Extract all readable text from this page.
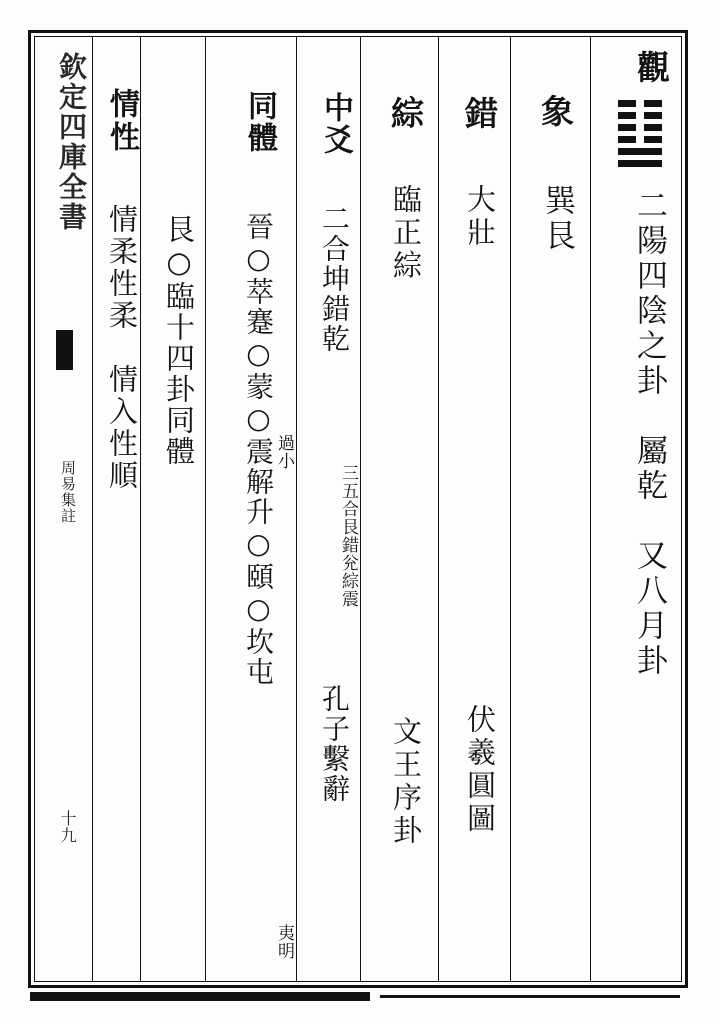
欽定四庫全書
周易集註
十九
觀
二陽四陰之卦　屬乾　又八月卦
象
巽艮
錯
大壯
伏羲圓圖
綜
臨正綜
文王序卦
中爻
二合坤錯乾
三五合艮錯兊綜震
孔子繫辭
同體
晉○萃蹇○蒙○震解升○頤○坎屯 過小
夷明
艮○臨十四卦同體
情性
情柔性柔　情入性順
